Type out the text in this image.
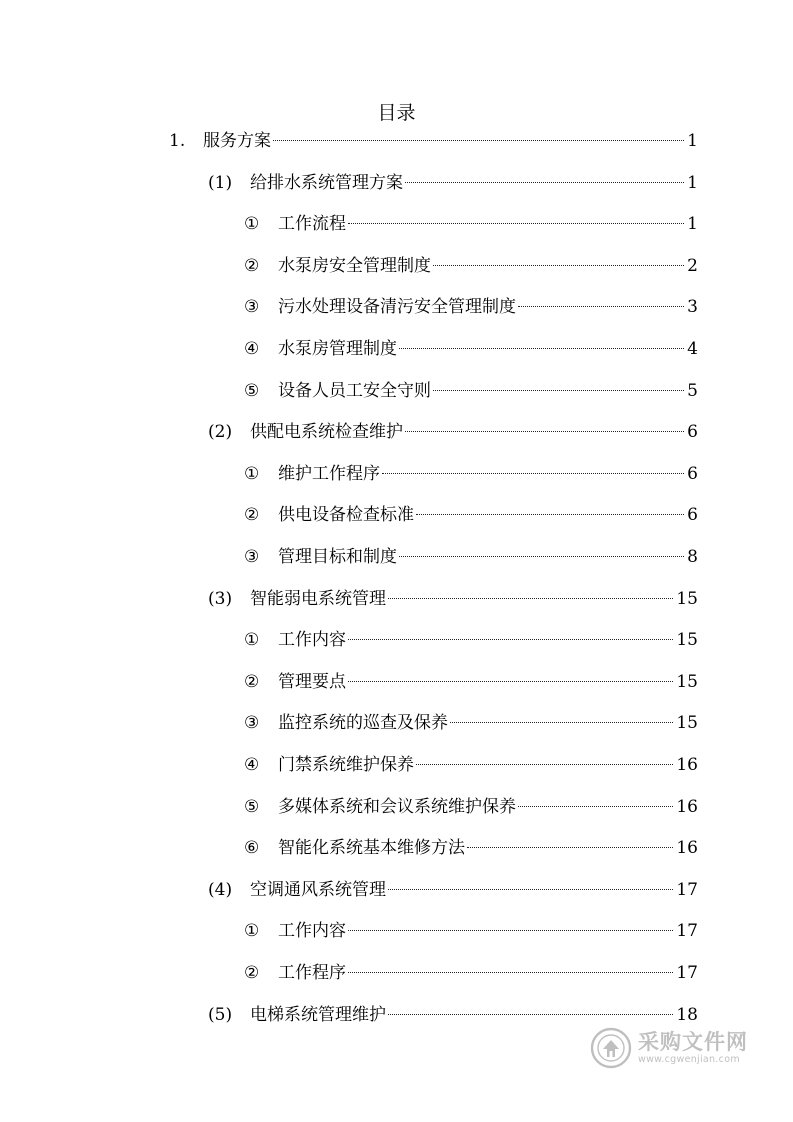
目录
1.	服务方案	1
(1)	给排水系统管理方案	1
①	工作流程	1
②	水泵房安全管理制度	2
③	污水处理设备清污安全管理制度	3
④	水泵房管理制度	4
⑤	设备人员工安全守则	5
(2)	供配电系统检查维护	6
①	维护工作程序	6
②	供电设备检查标准	6
③	管理目标和制度	8
(3)	智能弱电系统管理	15
①	工作内容	15
②	管理要点	15
③	监控系统的巡查及保养	15
④	门禁系统维护保养	16
⑤	多媒体系统和会议系统维护保养	16
⑥	智能化系统基本维修方法	16
(4)	空调通风系统管理	17
①	工作内容	17
②	工作程序	17
(5)	电梯系统管理维护	18
采购文件网
www.cgwenjian.com
